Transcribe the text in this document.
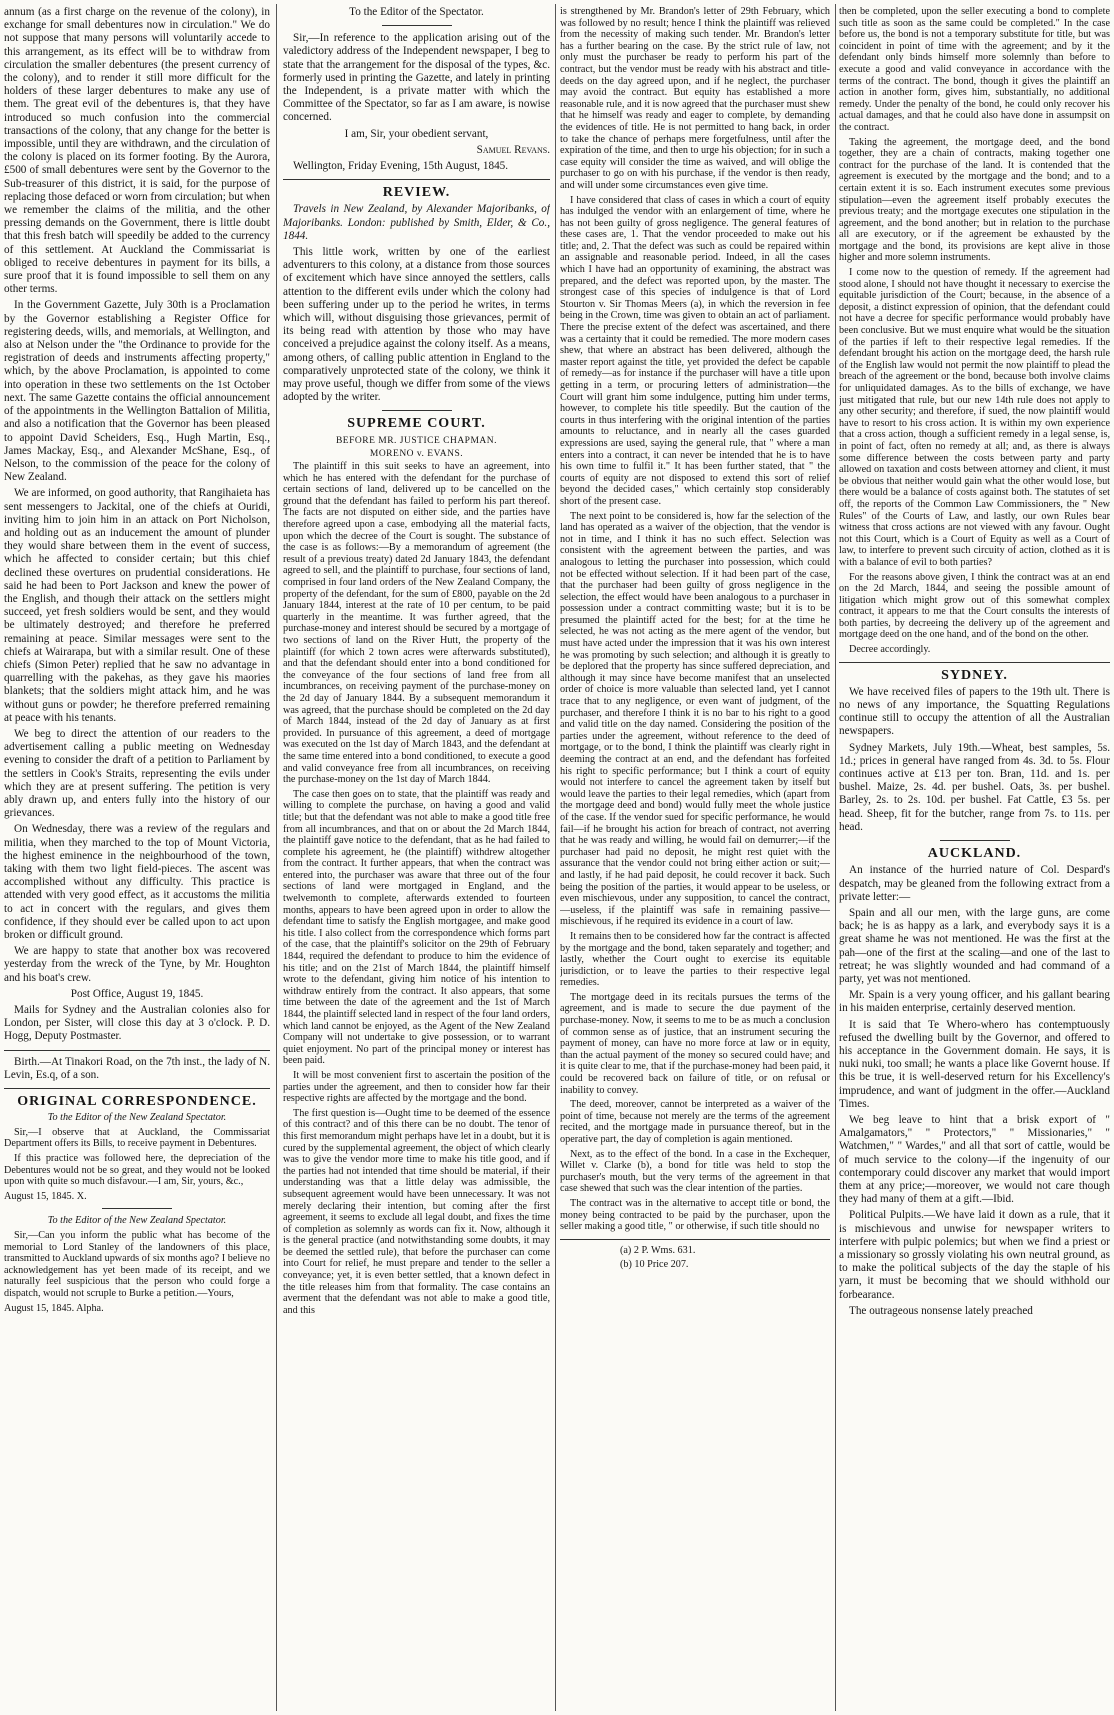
annum (as a first charge on the revenue of the colony), in exchange for small debentures now in circulation." We do not suppose that many persons will voluntarily accede to this arrangement, as its effect will be to withdraw from circulation the smaller debentures (the present currency of the colony), and to render it still more difficult for the holders of these larger debentures to make any use of them. The great evil of the debentures is, that they have introduced so much confusion into the commercial transactions of the colony, that any change for the better is impossible, until they are withdrawn, and the circulation of the colony is placed on its former footing. By the Aurora, £500 of small debentures were sent by the Governor to the Sub-treasurer of this district, it is said, for the purpose of replacing those defaced or worn from circulation; but when we remember the claims of the militia, and the other pressing demands on the Government, there is little doubt that this fresh batch will speedily be added to the currency of this settlement. At Auckland the Commissariat is obliged to receive debentures in payment for its bills, a sure proof that it is found impossible to sell them on any other terms.

In the Government Gazette, July 30th is a Proclamation by the Governor establishing a Register Office for registering deeds, wills, and memorials, at Wellington, and also at Nelson under the "the Ordinance to provide for the registration of deeds and instruments affecting property," which, by the above Proclamation, is appointed to come into operation in these two settlements on the 1st October next. The same Gazette contains the official announcement of the appointments in the Wellington Battalion of Militia, and also a notification that the Governor has been pleased to appoint David Scheiders, Esq., Hugh Martin, Esq., James Mackay, Esq., and Alexander McShane, Esq., of Nelson, to the commission of the peace for the colony of New Zealand.

We are informed, on good authority, that Rangihaieta has sent messengers to Jackital, one of the chiefs at Ouridi, inviting him to join him in an attack on Port Nicholson, and holding out as an inducement the amount of plunder they would share between them in the event of success, which he affected to consider certain; but this chief declined these overtures on prudential considerations. He said he had been to Port Jackson and knew the power of the English, and though their attack on the settlers might succeed, yet fresh soldiers would be sent, and they would be ultimately destroyed; and therefore he preferred remaining at peace. Similar messages were sent to the chiefs at Wairarapa, but with a similar result. One of these chiefs (Simon Peter) replied that he saw no advantage in quarrelling with the pakehas, as they gave his maories blankets; that the soldiers might attack him, and he was without guns or powder; he therefore preferred remaining at peace with his tenants.

We beg to direct the attention of our readers to the advertisement calling a public meeting on Wednesday evening to consider the draft of a petition to Parliament by the settlers in Cook's Straits, representing the evils under which they are at present suffering. The petition is very ably drawn up, and enters fully into the history of our grievances.

On Wednesday, there was a review of the regulars and militia, when they marched to the top of Mount Victoria, the highest eminence in the neighbourhood of the town, taking with them two light field-pieces. The ascent was accomplished without any difficulty. This practice is attended with very good effect, as it accustoms the militia to act in concert with the regulars, and gives them confidence, if they should ever be called upon to act upon broken or difficult ground.

We are happy to state that another box was recovered yesterday from the wreck of the Tyne, by Mr. Houghton and his boat's crew.

Post Office, August 19, 1845.

Mails for Sydney and the Australian colonies also for London, per Sister, will close this day at 3 o'clock. P. D. Hogg, Deputy Postmaster.

Birth.—At Tinakori Road, on the 7th inst., the lady of N. Levin, Es.q, of a son.

ORIGINAL CORRESPONDENCE.

To the Editor of the New Zealand Spectator.

Sir,—I observe that at Auckland, the Commissariat Department offers its Bills, to receive payment in Debentures.

If this practice was followed here, the depreciation of the Debentures would not be so great, and they would not be looked upon with quite so much disfavour.—I am, Sir, yours, &c.,

August 15, 1845. X.

To the Editor of the New Zealand Spectator.

Sir,—Can you inform the public what has become of the memorial to Lord Stanley of the landowners of this place, transmitted to Auckland upwards of six months ago? I believe no acknowledgement has yet been made of its receipt, and we naturally feel suspicious that the person who could forge a dispatch, would not scruple to Burke a petition.—Yours,

August 15, 1845. Alpha.

To the Editor of the Spectator.

Sir,—In reference to the application arising out of the valedictory address of the Independent newspaper, I beg to state that the arrangement for the disposal of the types, &c. formerly used in printing the Gazette, and lately in printing the Independent, is a private matter with which the Committee of the Spectator, so far as I am aware, is nowise concerned.

I am, Sir, your obedient servant,

Samuel Revans.

Wellington, Friday Evening, 15th August, 1845.

REVIEW.

Travels in New Zealand, by Alexander Majoribanks, of Majoribanks. London: published by Smith, Elder, & Co., 1844.

This little work, written by one of the earliest adventurers to this colony, at a distance from those sources of excitement which have since annoyed the settlers, calls attention to the different evils under which the colony had been suffering under up to the period he writes, in terms which will, without disguising those grievances, permit of its being read with attention by those who may have conceived a prejudice against the colony itself. As a means, among others, of calling public attention in England to the comparatively unprotected state of the colony, we think it may prove useful, though we differ from some of the views adopted by the writer.

SUPREME COURT.

BEFORE MR. JUSTICE CHAPMAN.

MORENO v. EVANS.

The plaintiff in this suit seeks to have an agreement, into which he has entered with the defendant for the purchase of certain sections of land, delivered up to be cancelled on the ground that the defendant has failed to perform his part thereof. The facts are not disputed on either side, and the parties have therefore agreed upon a case, embodying all the material facts, upon which the decree of the Court is sought. The substance of the case is as follows:—By a memorandum of agreement (the result of a previous treaty) dated 2d January 1843, the defendant agreed to sell, and the plaintiff to purchase, four sections of land, comprised in four land orders of the New Zealand Company, the property of the defendant, for the sum of £800, payable on the 2d January 1844, interest at the rate of 10 per centum, to be paid quarterly in the meantime. It was further agreed, that the purchase-money and interest should be secured by a mortgage of two sections of land on the River Hutt, the property of the plaintiff (for which 2 town acres were afterwards substituted), and that the defendant should enter into a bond conditioned for the conveyance of the four sections of land free from all incumbrances, on receiving payment of the purchase-money on the 2d day of January 1844. By a subsequent memorandum it was agreed, that the purchase should be completed on the 2d day of March 1844, instead of the 2d day of January as at first provided. In pursuance of this agreement, a deed of mortgage was executed on the 1st day of March 1843, and the defendant at the same time entered into a bond conditioned, to execute a good and valid conveyance free from all incumbrances, on receiving the purchase-money on the 1st day of March 1844.

The case then goes on to state, that the plaintiff was ready and willing to complete the purchase, on having a good and valid title; but that the defendant was not able to make a good title free from all incumbrances, and that on or about the 2d March 1844, the plaintiff gave notice to the defendant, that as he had failed to complete his agreement, he (the plaintiff) withdrew altogether from the contract. It further appears, that when the contract was entered into, the purchaser was aware that three out of the four sections of land were mortgaged in England, and the twelvemonth to complete, afterwards extended to fourteen months, appears to have been agreed upon in order to allow the defendant time to satisfy the English mortgagee, and make good his title. I also collect from the correspondence which forms part of the case, that the plaintiff's solicitor on the 29th of February 1844, required the defendant to produce to him the evidence of his title; and on the 21st of March 1844, the plaintiff himself wrote to the defendant, giving him notice of his intention to withdraw entirely from the contract. It also appears, that some time between the date of the agreement and the 1st of March 1844, the plaintiff selected land in respect of the four land orders, which land cannot be enjoyed, as the Agent of the New Zealand Company will not undertake to give possession, or to warrant quiet enjoyment. No part of the principal money or interest has been paid.

It will be most convenient first to ascertain the position of the parties under the agreement, and then to consider how far their respective rights are affected by the mortgage and the bond.

The first question is—Ought time to be deemed of the essence of this contract? and of this there can be no doubt. The tenor of this first memorandum might perhaps have let in a doubt, but it is cured by the supplemental agreement, the object of which clearly was to give the vendor more time to make his title good, and if the parties had not intended that time should be material, if their understanding was that a little delay was admissible, the subsequent agreement would have been unnecessary. It was not merely declaring their intention, but coming after the first agreement, it seems to exclude all legal doubt, and fixes the time of completion as solemnly as words can fix it. Now, although it is the general practice (and notwithstanding some doubts, it may be deemed the settled rule), that before the purchaser can come into Court for relief, he must prepare and tender to the seller a conveyance; yet, it is even better settled, that a known defect in the title releases him from that formality. The case contains an averment that the defendant was not able to make a good title, and this

is strengthened by Mr. Brandon's letter of 29th February, which was followed by no result; hence I think the plaintiff was relieved from the necessity of making such tender. Mr. Brandon's letter has a further bearing on the case. By the strict rule of law, not only must the purchaser be ready to perform his part of the contract, but the vendor must be ready with his abstract and title-deeds on the day agreed upon, and if he neglect, the purchaser may avoid the contract. But equity has established a more reasonable rule, and it is now agreed that the purchaser must shew that he himself was ready and eager to complete, by demanding the evidences of title. He is not permitted to hang back, in order to take the chance of perhaps mere forgetfulness, until after the expiration of the time, and then to urge his objection; for in such a case equity will consider the time as waived, and will oblige the purchaser to go on with his purchase, if the vendor is then ready, and will under some circumstances even give time.

I have considered that class of cases in which a court of equity has indulged the vendor with an enlargement of time, where he has not been guilty of gross negligence. The general features of these cases are, 1. That the vendor proceeded to make out his title; and, 2. That the defect was such as could be repaired within an assignable and reasonable period. Indeed, in all the cases which I have had an opportunity of examining, the abstract was prepared, and the defect was reported upon, by the master. The strongest case of this species of indulgence is that of Lord Stourton v. Sir Thomas Meers (a), in which the reversion in fee being in the Crown, time was given to obtain an act of parliament. There the precise extent of the defect was ascertained, and there was a certainty that it could be remedied. The more modern cases shew, that where an abstract has been delivered, although the master report against the title, yet provided the defect be capable of remedy—as for instance if the purchaser will have a title upon getting in a term, or procuring letters of administration—the Court will grant him some indulgence, putting him under terms, however, to complete his title speedily. But the caution of the courts in thus interfering with the original intention of the parties amounts to reluctance, and in nearly all the cases guarded expressions are used, saying the general rule, that " where a man enters into a contract, it can never be intended that he is to have his own time to fulfil it." It has been further stated, that " the courts of equity are not disposed to extend this sort of relief beyond the decided cases," which certainly stop considerably short of the present case.

The next point to be considered is, how far the selection of the land has operated as a waiver of the objection, that the vendor is not in time, and I think it has no such effect. Selection was consistent with the agreement between the parties, and was analogous to letting the purchaser into possession, which could not be effected without selection. If it had been part of the case, that the purchaser had been guilty of gross negligence in the selection, the effect would have been analogous to a purchaser in possession under a contract committing waste; but it is to be presumed the plaintiff acted for the best; for at the time he selected, he was not acting as the mere agent of the vendor, but must have acted under the impression that it was his own interest he was promoting by such selection; and although it is greatly to be deplored that the property has since suffered depreciation, and although it may since have become manifest that an unselected order of choice is more valuable than selected land, yet I cannot trace that to any negligence, or even want of judgment, of the purchaser, and therefore I think it is no bar to his right to a good and valid title on the day named. Considering the position of the parties under the agreement, without reference to the deed of mortgage, or to the bond, I think the plaintiff was clearly right in deeming the contract at an end, and the defendant has forfeited his right to specific performance; but I think a court of equity would not interfere to cancel the agreement taken by itself but would leave the parties to their legal remedies, which (apart from the mortgage deed and bond) would fully meet the whole justice of the case. If the vendor sued for specific performance, he would fail—if he brought his action for breach of contract, not averring that he was ready and willing, he would fail on demurrer;—if the purchaser had paid no deposit, he might rest quiet with the assurance that the vendor could not bring either action or suit;—and lastly, if he had paid deposit, he could recover it back. Such being the position of the parties, it would appear to be useless, or even mischievous, under any supposition, to cancel the contract,—useless, if the plaintiff was safe in remaining passive—mischievous, if he required its evidence in a court of law.

It remains then to be considered how far the contract is affected by the mortgage and the bond, taken separately and together; and lastly, whether the Court ought to exercise its equitable jurisdiction, or to leave the parties to their respective legal remedies.

The mortgage deed in its recitals pursues the terms of the agreement, and is made to secure the due payment of the purchase-money. Now, it seems to me to be as much a conclusion of common sense as of justice, that an instrument securing the payment of money, can have no more force at law or in equity, than the actual payment of the money so secured could have; and it is quite clear to me, that if the purchase-money had been paid, it could be recovered back on failure of title, or on refusal or inability to convey.

The deed, moreover, cannot be interpreted as a waiver of the point of time, because not merely are the terms of the agreement recited, and the mortgage made in pursuance thereof, but in the operative part, the day of completion is again mentioned.

Next, as to the effect of the bond. In a case in the Exchequer, Willet v. Clarke (b), a bond for title was held to stop the purchaser's mouth, but the very terms of the agreement in that case shewed that such was the clear intention of the parties.

The contract was in the alternative to accept title or bond, the money being contracted to be paid by the purchaser, upon the seller making a good title, " or otherwise, if such title should no

(a) 2 P. Wms. 631.

(b) 10 Price 207.

then be completed, upon the seller executing a bond to complete such title as soon as the same could be completed." In the case before us, the bond is not a temporary substitute for title, but was coincident in point of time with the agreement; and by it the defendant only binds himself more solemnly than before to execute a good and valid conveyance in accordance with the terms of the contract. The bond, though it gives the plaintiff an action in another form, gives him, substantially, no additional remedy. Under the penalty of the bond, he could only recover his actual damages, and that he could also have done in assumpsit on the contract.

Taking the agreement, the mortgage deed, and the bond together, they are a chain of contracts, making together one contract for the purchase of the land. It is contended that the agreement is executed by the mortgage and the bond; and to a certain extent it is so. Each instrument executes some previous stipulation—even the agreement itself probably executes the previous treaty; and the mortgage executes one stipulation in the agreement, and the bond another; but in relation to the purchase all are executory, or if the agreement be exhausted by the mortgage and the bond, its provisions are kept alive in those higher and more solemn instruments.

I come now to the question of remedy. If the agreement had stood alone, I should not have thought it necessary to exercise the equitable jurisdiction of the Court; because, in the absence of a deposit, a distinct expression of opinion, that the defendant could not have a decree for specific performance would probably have been conclusive. But we must enquire what would be the situation of the parties if left to their respective legal remedies. If the defendant brought his action on the mortgage deed, the harsh rule of the English law would not permit the now plaintiff to plead the breach of the agreement or the bond, because both involve claims for unliquidated damages. As to the bills of exchange, we have just mitigated that rule, but our new 14th rule does not apply to any other security; and therefore, if sued, the now plaintiff would have to resort to his cross action. It is within my own experience that a cross action, though a sufficient remedy in a legal sense, is, in point of fact, often no remedy at all; and, as there is always some difference between the costs between party and party allowed on taxation and costs between attorney and client, it must be obvious that neither would gain what the other would lose, but there would be a balance of costs against both. The statutes of set off, the reports of the Common Law Commissioners, the " New Rules" of the Courts of Law, and lastly, our own Rules bear witness that cross actions are not viewed with any favour. Ought not this Court, which is a Court of Equity as well as a Court of law, to interfere to prevent such circuity of action, clothed as it is with a balance of evil to both parties?

For the reasons above given, I think the contract was at an end on the 2d March, 1844, and seeing the possible amount of litigation which might grow out of this somewhat complex contract, it appears to me that the Court consults the interests of both parties, by decreeing the delivery up of the agreement and mortgage deed on the one hand, and of the bond on the other.

Decree accordingly.

SYDNEY.

We have received files of papers to the 19th ult. There is no news of any importance, the Squatting Regulations continue still to occupy the attention of all the Australian newspapers.

Sydney Markets, July 19th.—Wheat, best samples, 5s. 1d.; prices in general have ranged from 4s. 3d. to 5s. Flour continues active at £13 per ton. Bran, 11d. and 1s. per bushel. Maize, 2s. 4d. per bushel. Oats, 3s. per bushel. Barley, 2s. to 2s. 10d. per bushel. Fat Cattle, £3 5s. per head. Sheep, fit for the butcher, range from 7s. to 11s. per head.

AUCKLAND.

An instance of the hurried nature of Col. Despard's despatch, may be gleaned from the following extract from a private letter:—

Spain and all our men, with the large guns, are come back; he is as happy as a lark, and everybody says it is a great shame he was not mentioned. He was the first at the pah—one of the first at the scaling—and one of the last to retreat; he was slightly wounded and had command of a party, yet was not mentioned.

Mr. Spain is a very young officer, and his gallant bearing in his maiden enterprise, certainly deserved mention.

It is said that Te Whero-whero has contemptuously refused the dwelling built by the Governor, and offered to his acceptance in the Government domain. He says, it is nuki nuki, too small; he wants a place like Governt house. If this be true, it is well-deserved return for his Excellency's imprudence, and want of judgment in the offer.—Auckland Times.

We beg leave to hint that a brisk export of " Amalgamators," " Protectors," " Missionaries," " Watchmen," " Wardes," and all that sort of cattle, would be of much service to the colony—if the ingenuity of our contemporary could discover any market that would import them at any price;—moreover, we would not care though they had many of them at a gift.—Ibid.

Political Pulpits.—We have laid it down as a rule, that it is mischievous and unwise for newspaper writers to interfere with pulpic polemics; but when we find a priest or a missionary so grossly violating his own neutral ground, as to make the political subjects of the day the staple of his yarn, it must be becoming that we should withhold our forbearance.

The outrageous nonsense lately preached
